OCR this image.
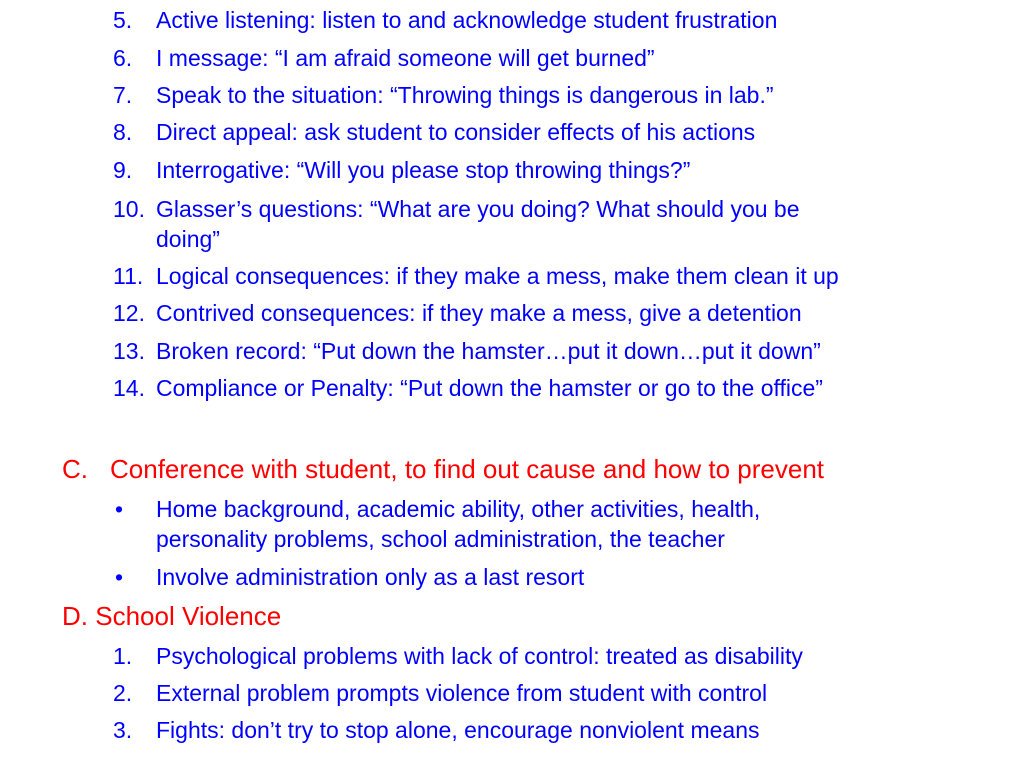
5. Active listening: listen to and acknowledge student frustration
6. I message: “I am afraid someone will get burned”
7. Speak to the situation: “Throwing things is dangerous in lab.”
8. Direct appeal: ask student to consider effects of his actions
9. Interrogative: “Will you please stop throwing things?”
10. Glasser’s questions: “What are you doing? What should you be
doing”
11. Logical consequences: if they make a mess, make them clean it up
12. Contrived consequences: if they make a mess, give a detention
13. Broken record: “Put down the hamster…put it down…put it down”
14. Compliance or Penalty: “Put down the hamster or go to the office”
C. Conference with student, to find out cause and how to prevent
• Home background, academic ability, other activities, health,
personality problems, school administration, the teacher
• Involve administration only as a last resort
D. School Violence
1. Psychological problems with lack of control: treated as disability
2. External problem prompts violence from student with control
3. Fights: don’t try to stop alone, encourage nonviolent means
